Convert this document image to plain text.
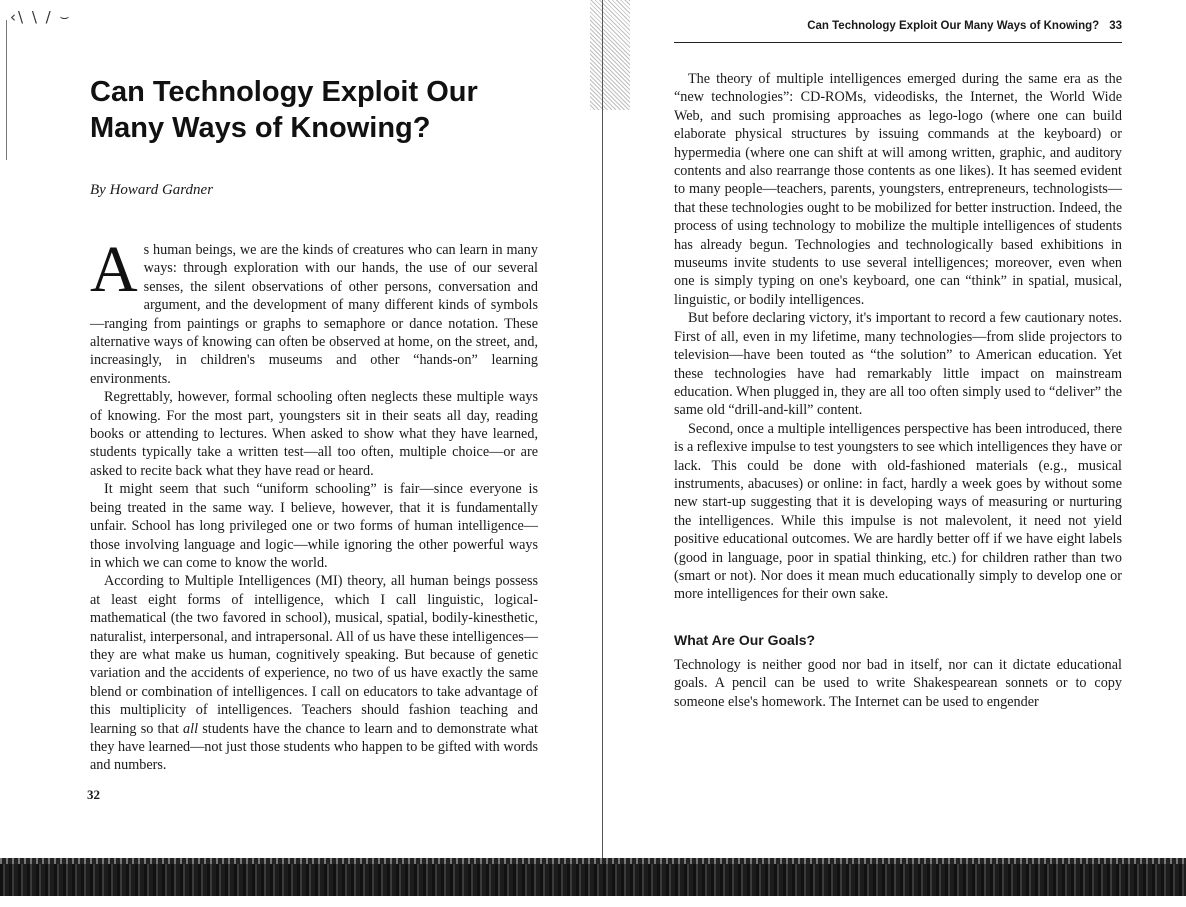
‹\ \ / ⌣
Can Technology Exploit Our
Many Ways of Knowing?

By Howard Gardner

As human beings, we are the kinds of creatures who can learn in many ways: through exploration with our hands, the use of our several senses, the silent observations of other persons, conversation and argument, and the development of many different kinds of symbols—ranging from paintings or graphs to semaphore or dance notation. These alternative ways of knowing can often be observed at home, on the street, and, increasingly, in children's museums and other “hands-on” learning environments.

Regrettably, however, formal schooling often neglects these multiple ways of knowing. For the most part, youngsters sit in their seats all day, reading books or attending to lectures. When asked to show what they have learned, students typically take a written test—all too often, multiple choice—or are asked to recite back what they have read or heard.

It might seem that such “uniform schooling” is fair—since everyone is being treated in the same way. I believe, however, that it is fundamentally unfair. School has long privileged one or two forms of human intelligence—those involving language and logic—while ignoring the other powerful ways in which we can come to know the world.

According to Multiple Intelligences (MI) theory, all human beings possess at least eight forms of intelligence, which I call linguistic, logical-mathematical (the two favored in school), musical, spatial, bodily-kinesthetic, naturalist, interpersonal, and intrapersonal. All of us have these intelligences—they are what make us human, cognitively speaking. But because of genetic variation and the accidents of experience, no two of us have exactly the same blend or combination of intelligences. I call on educators to take advantage of this multiplicity of intelligences. Teachers should fashion teaching and learning so that all students have the chance to learn and to demonstrate what they have learned—not just those students who happen to be gifted with words and numbers.

32
Can Technology Exploit Our Many Ways of Knowing? 33

The theory of multiple intelligences emerged during the same era as the “new technologies”: CD-ROMs, videodisks, the Internet, the World Wide Web, and such promising approaches as lego-logo (where one can build elaborate physical structures by issuing commands at the keyboard) or hypermedia (where one can shift at will among written, graphic, and auditory contents and also rearrange those contents as one likes). It has seemed evident to many people—teachers, parents, youngsters, entrepreneurs, technologists—that these technologies ought to be mobilized for better instruction. Indeed, the process of using technology to mobilize the multiple intelligences of students has already begun. Technologies and technologically based exhibitions in museums invite students to use several intelligences; moreover, even when one is simply typing on one's keyboard, one can “think” in spatial, musical, linguistic, or bodily intelligences.

But before declaring victory, it's important to record a few cautionary notes. First of all, even in my lifetime, many technologies—from slide projectors to television—have been touted as “the solution” to American education. Yet these technologies have had remarkably little impact on mainstream education. When plugged in, they are all too often simply used to “deliver” the same old “drill-and-kill” content.

Second, once a multiple intelligences perspective has been introduced, there is a reflexive impulse to test youngsters to see which intelligences they have or lack. This could be done with old-fashioned materials (e.g., musical instruments, abacuses) or online: in fact, hardly a week goes by without some new start-up suggesting that it is developing ways of measuring or nurturing the intelligences. While this impulse is not malevolent, it need not yield positive educational outcomes. We are hardly better off if we have eight labels (good in language, poor in spatial thinking, etc.) for children rather than two (smart or not). Nor does it mean much educationally simply to develop one or more intelligences for their own sake.

What Are Our Goals?

Technology is neither good nor bad in itself, nor can it dictate educational goals. A pencil can be used to write Shakespearean sonnets or to copy someone else's homework. The Internet can be used to engender
